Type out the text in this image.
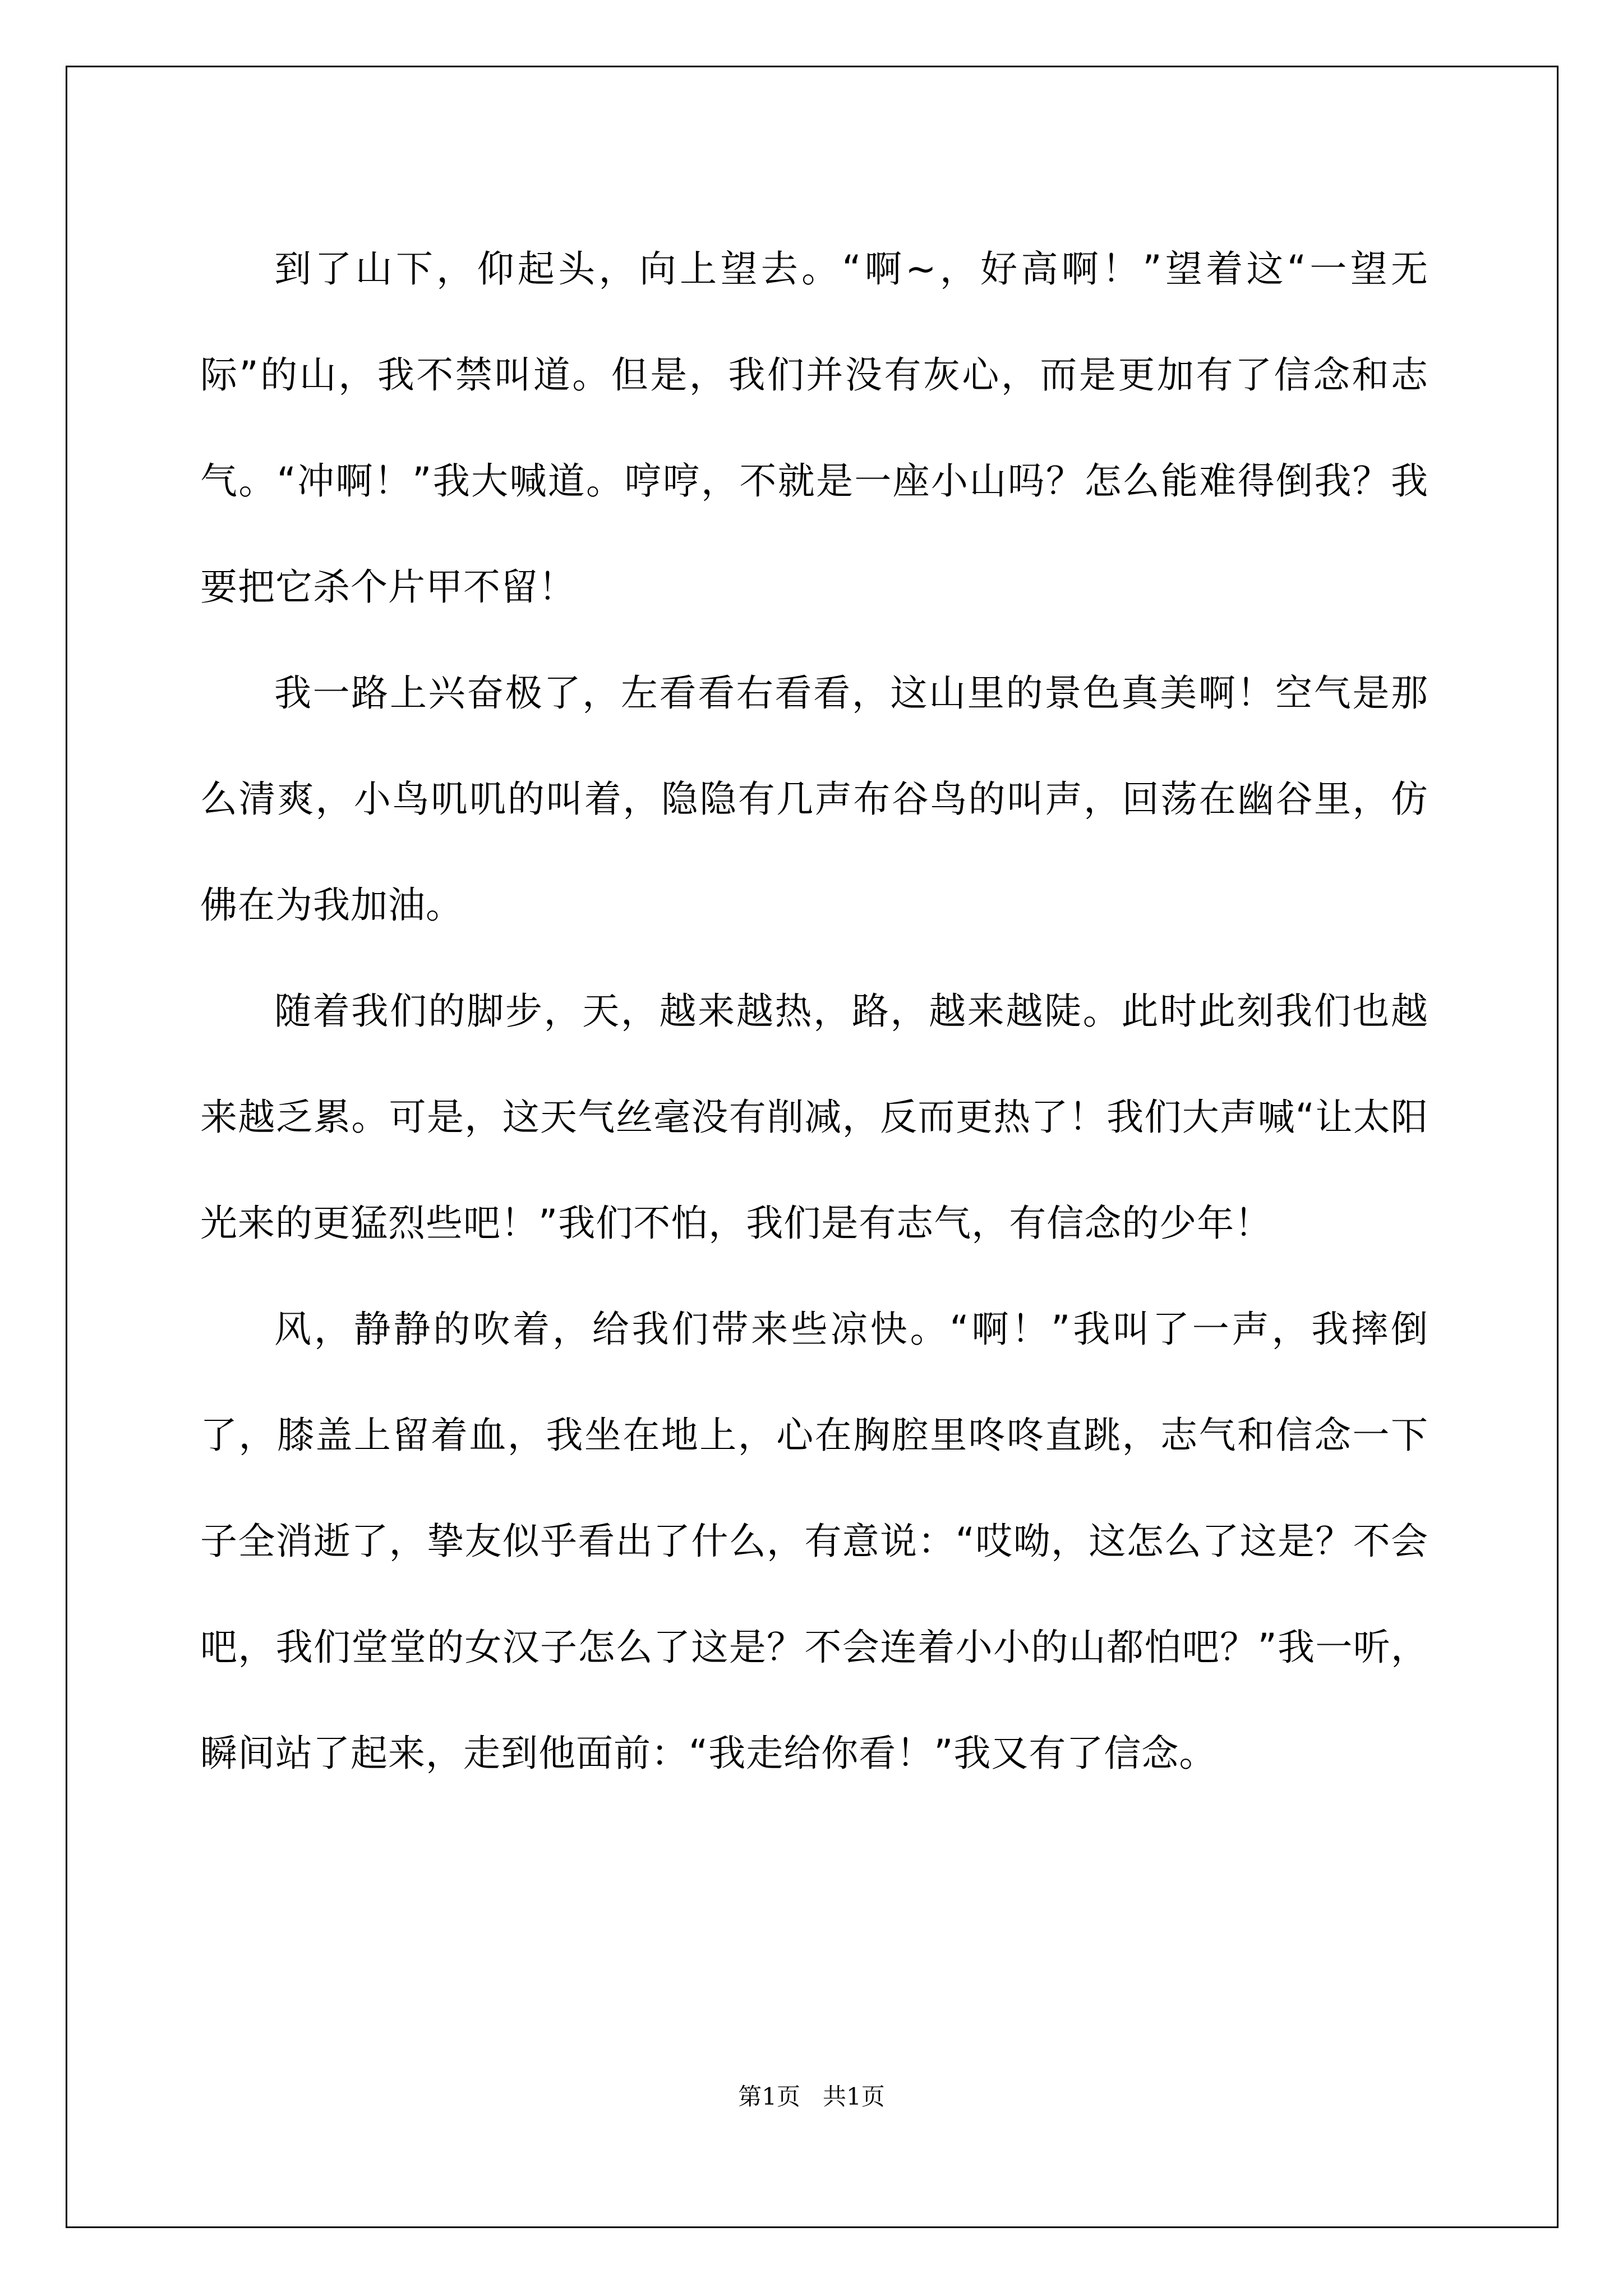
到了山下，仰起头，向上望去。“啊~，好高啊！”望着这“一望无际”的山，我不禁叫道。但是，我们并没有灰心，而是更加有了信念和志气。“冲啊！”我大喊道。哼哼，不就是一座小山吗？怎么能难得倒我？我要把它杀个片甲不留！

我一路上兴奋极了，左看看右看看，这山里的景色真美啊！空气是那么清爽，小鸟叽叽的叫着，隐隐有几声布谷鸟的叫声，回荡在幽谷里，仿佛在为我加油。

随着我们的脚步，天，越来越热，路，越来越陡。此时此刻我们也越来越乏累。可是，这天气丝毫没有削减，反而更热了！我们大声喊“让太阳光来的更猛烈些吧！”我们不怕，我们是有志气，有信念的少年！

风，静静的吹着，给我们带来些凉快。“啊！”我叫了一声，我摔倒了，膝盖上留着血，我坐在地上，心在胸腔里咚咚直跳，志气和信念一下子全消逝了，挚友似乎看出了什么，有意说：“哎呦，这怎么了这是？不会吧，我们堂堂的女汉子怎么了这是？不会连着小小的山都怕吧？”我一听，瞬间站了起来，走到他面前：“我走给你看！”我又有了信念。

第1页 共1页
